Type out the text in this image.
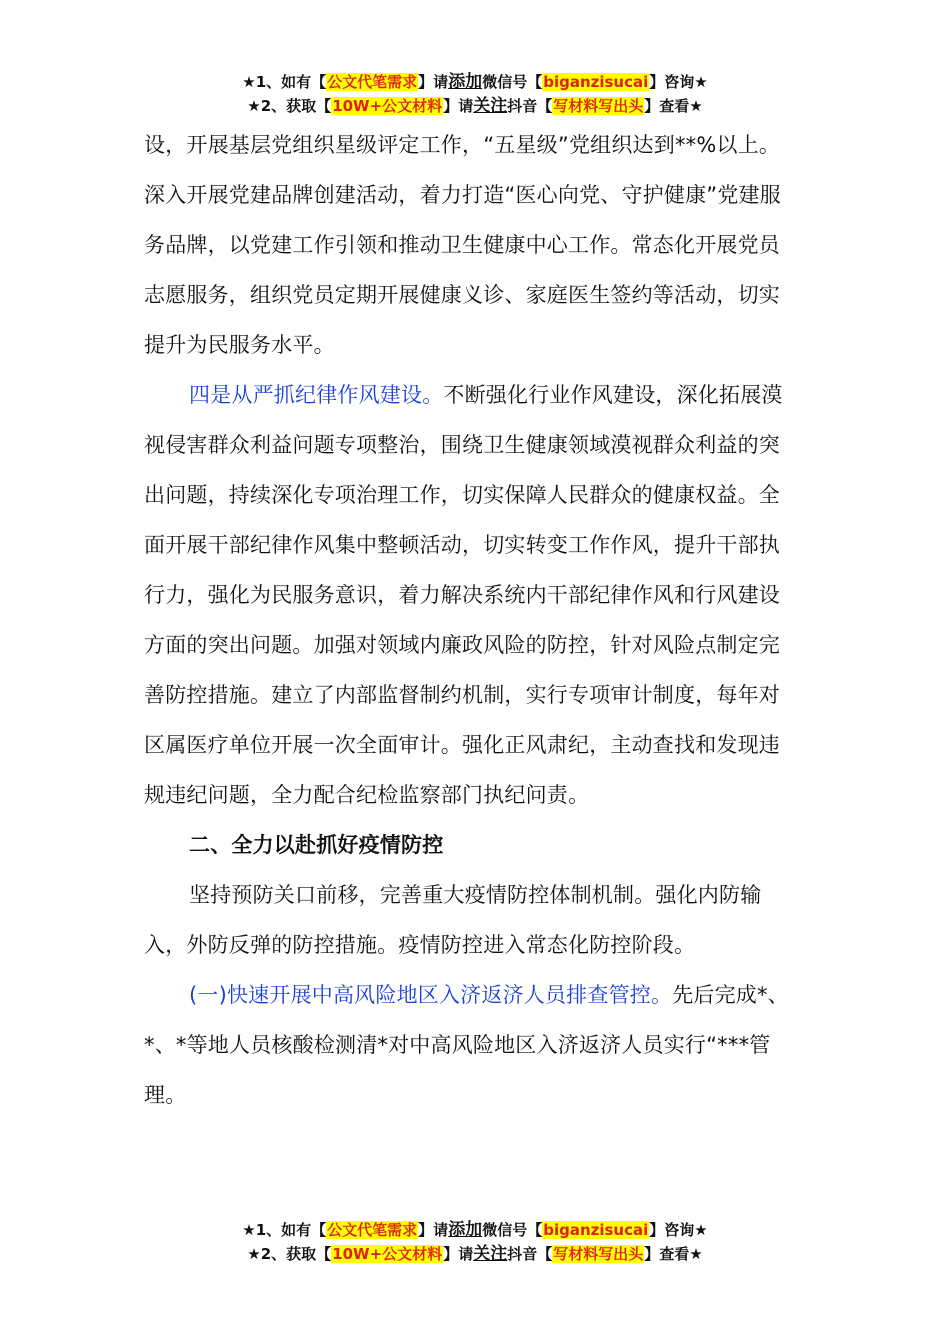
★1、如有【公文代笔需求】请添加微信号【biganzisucai】咨询★
★2、获取【10W+公文材料】请关注抖音【写材料写出头】查看★

设，开展基层党组织星级评定工作，“五星级”党组织达到**%以上。深入开展党建品牌创建活动，着力打造“医心向党、守护健康”党建服务品牌，以党建工作引领和推动卫生健康中心工作。常态化开展党员志愿服务，组织党员定期开展健康义诊、家庭医生签约等活动，切实提升为民服务水平。

四是从严抓纪律作风建设。不断强化行业作风建设，深化拓展漠视侵害群众利益问题专项整治，围绕卫生健康领域漠视群众利益的突出问题，持续深化专项治理工作，切实保障人民群众的健康权益。全面开展干部纪律作风集中整顿活动，切实转变工作作风，提升干部执行力，强化为民服务意识，着力解决系统内干部纪律作风和行风建设方面的突出问题。加强对领域内廉政风险的防控，针对风险点制定完善防控措施。建立了内部监督制约机制，实行专项审计制度，每年对区属医疗单位开展一次全面审计。强化正风肃纪，主动查找和发现违规违纪问题，全力配合纪检监察部门执纪问责。

二、全力以赴抓好疫情防控

坚持预防关口前移，完善重大疫情防控体制机制。强化内防输入，外防反弹的防控措施。疫情防控进入常态化防控阶段。

(一)快速开展中高风险地区入济返济人员排查管控。先后完成*、*、*等地人员核酸检测清*对中高风险地区入济返济人员实行“***管理。

★1、如有【公文代笔需求】请添加微信号【biganzisucai】咨询★
★2、获取【10W+公文材料】请关注抖音【写材料写出头】查看★
